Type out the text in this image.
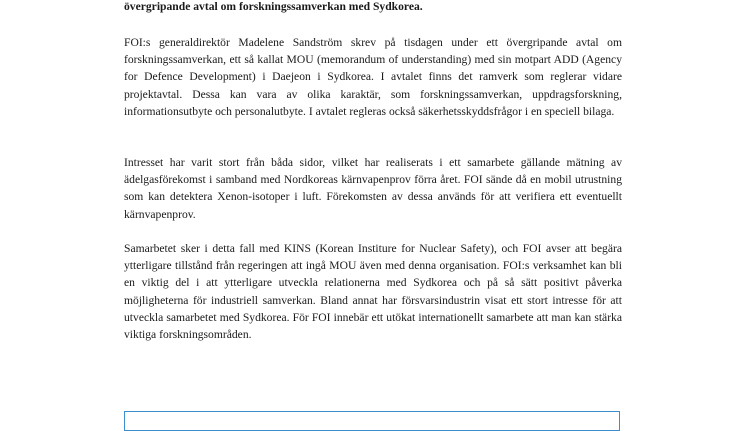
övergripande avtal om forskningssamverkan med Sydkorea.

FOI:s generaldirektör Madelene Sandström skrev på tisdagen under ett övergripande avtal om forskningssamverkan, ett så kallat MOU (memorandum of understanding) med sin motpart ADD (Agency for Defence Development) i Daejeon i Sydkorea. I avtalet finns det ramverk som reglerar vidare projektavtal. Dessa kan vara av olika karaktär, som forskningssamverkan, uppdragsforskning, informationsutbyte och personalutbyte. I avtalet regleras också säkerhetsskyddsfrågor i en speciell bilaga.

Intresset har varit stort från båda sidor, vilket har realiserats i ett samarbete gällande mätning av ädelgasförekomst i samband med Nordkoreas kärnvapenprov förra året. FOI sände då en mobil utrustning som kan detektera Xenon-isotoper i luft. Förekomsten av dessa används för att verifiera ett eventuellt kärnvapenprov.

Samarbetet sker i detta fall med KINS (Korean Institure for Nuclear Safety), och FOI avser att begära ytterligare tillstånd från regeringen att ingå MOU även med denna organisation. FOI:s verksamhet kan bli en viktig del i att ytterligare utveckla relationerna med Sydkorea och på så sätt positivt påverka möjligheterna för industriell samverkan. Bland annat har försvarsindustrin visat ett stort intresse för att utveckla samarbetet med Sydkorea. För FOI innebär ett utökat internationellt samarbete att man kan stärka viktiga forskningsområden.
